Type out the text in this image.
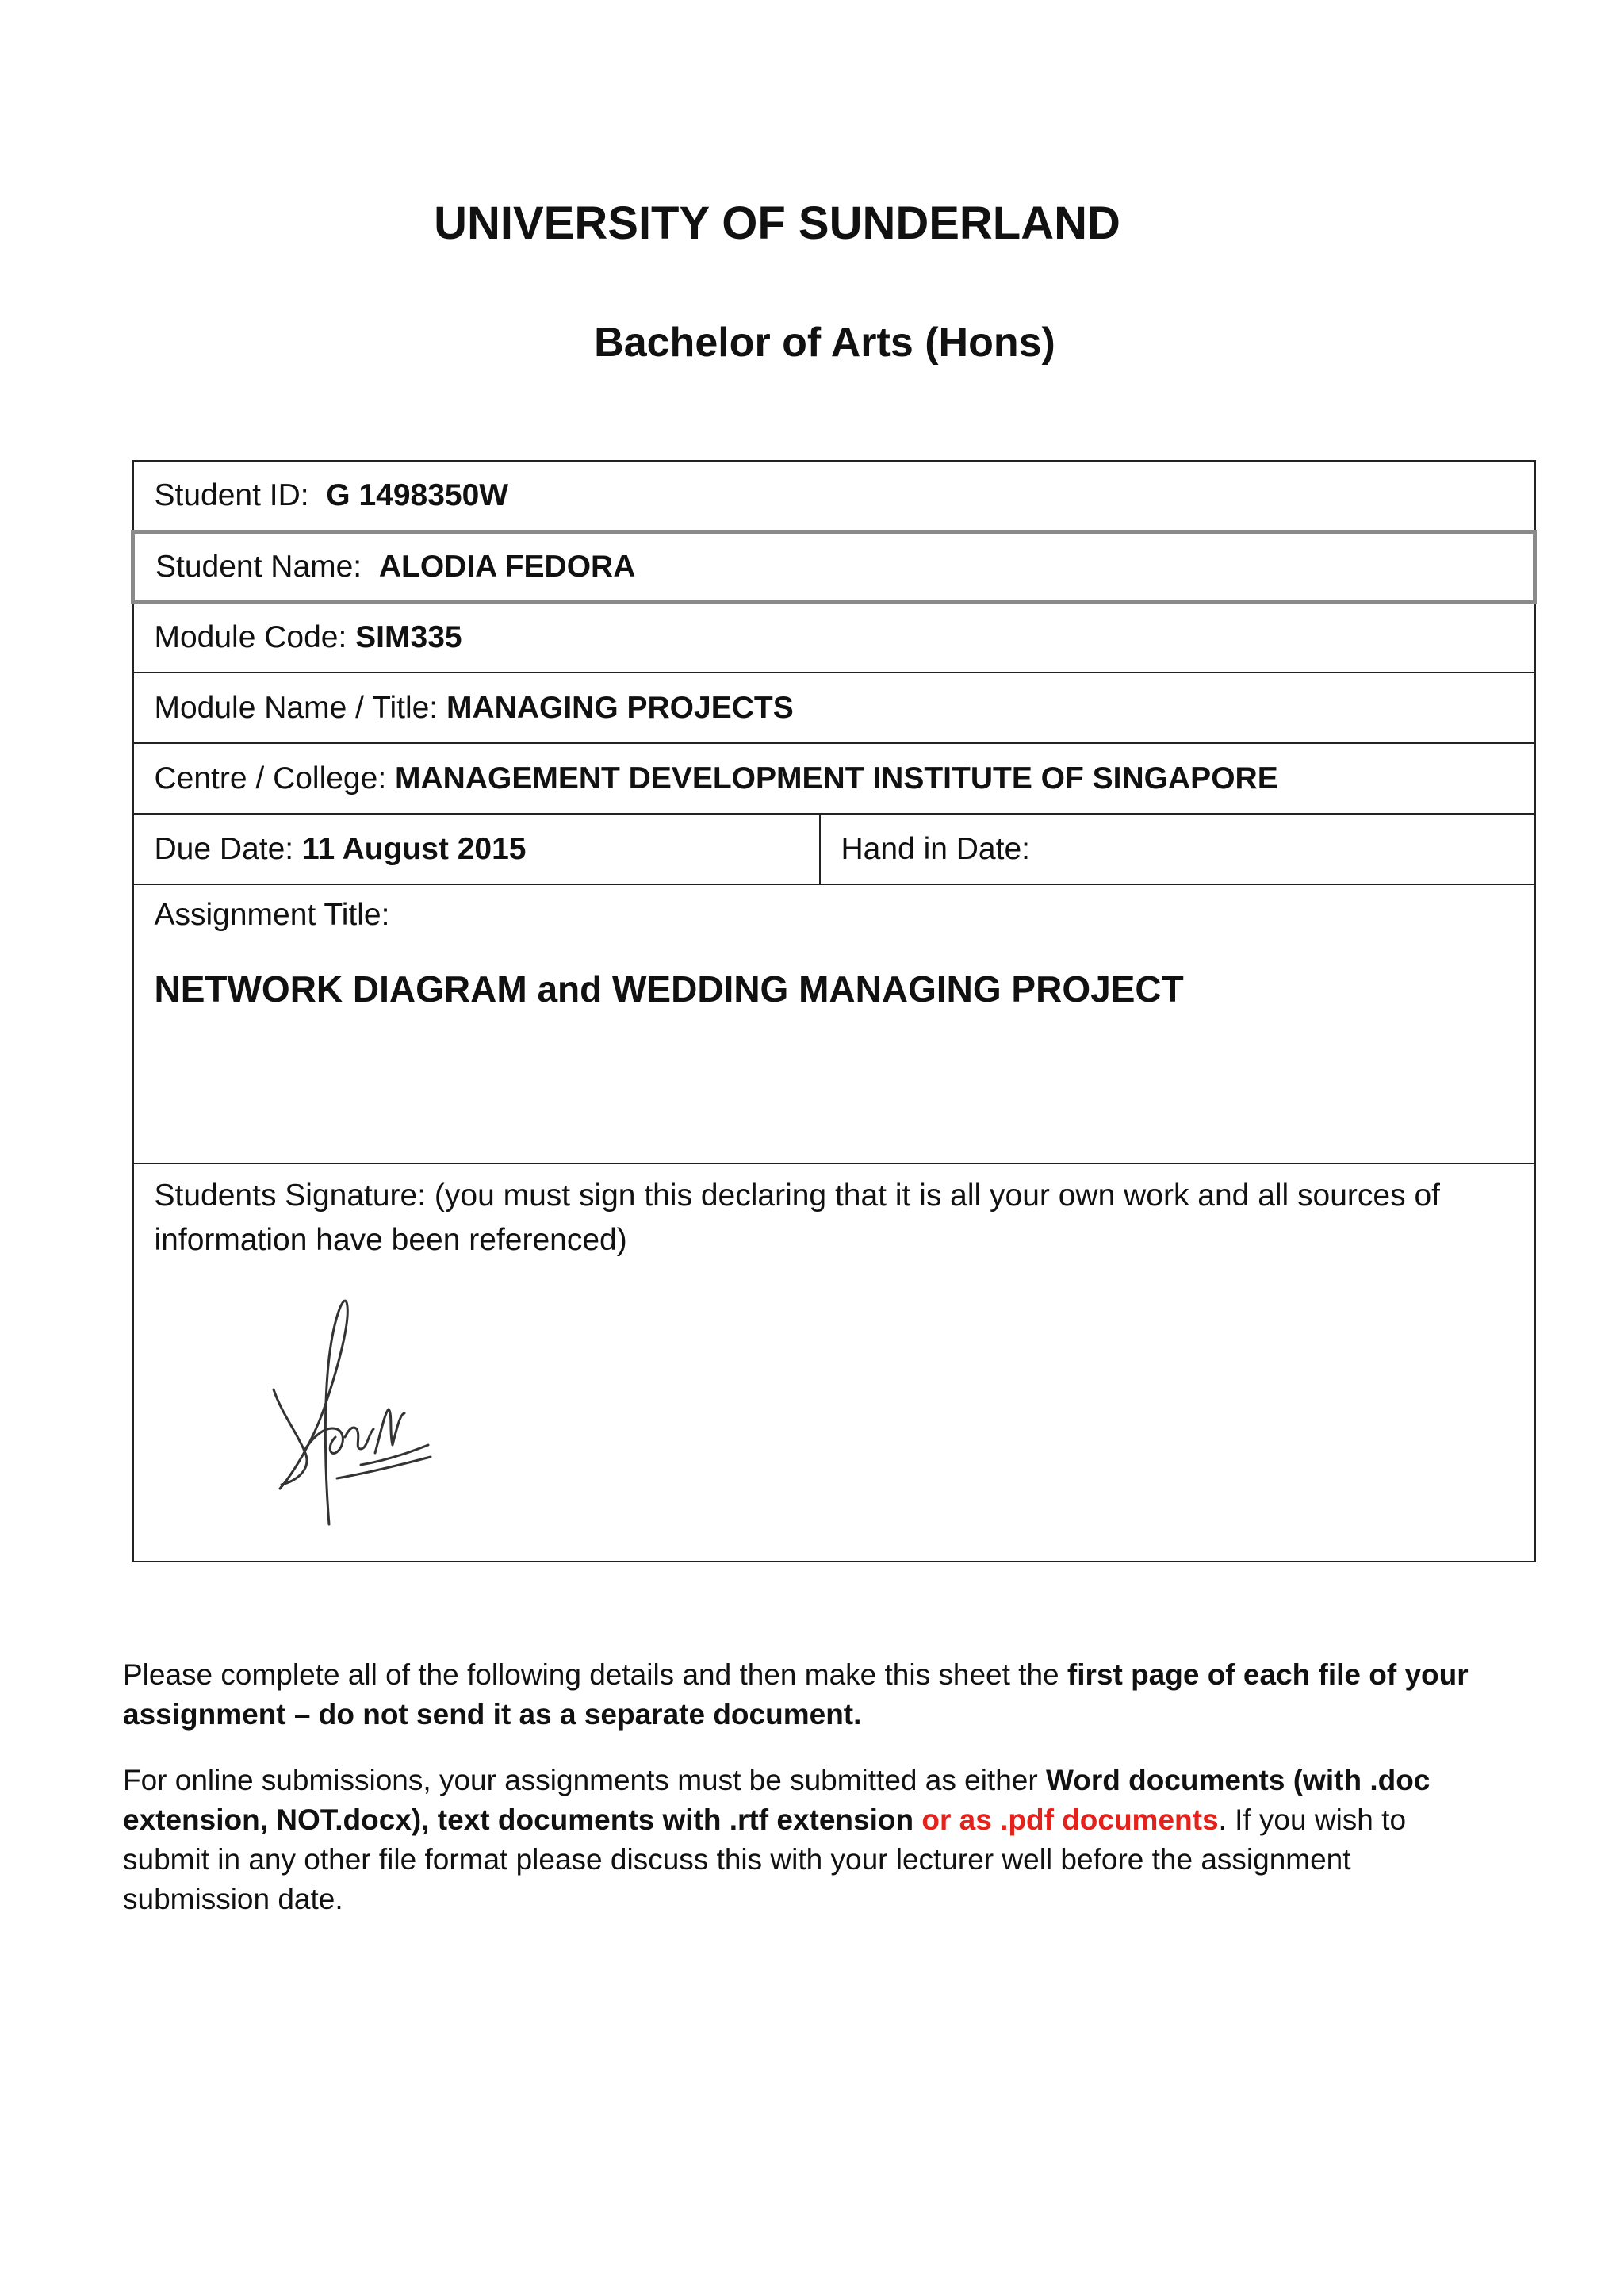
UNIVERSITY OF SUNDERLAND
Bachelor of Arts (Hons)
Student ID: G 1498350W
Student Name: ALODIA FEDORA
Module Code: SIM335
Module Name / Title: MANAGING PROJECTS
Centre / College: MANAGEMENT DEVELOPMENT INSTITUTE OF SINGAPORE
Due Date: 11 August 2015	Hand in Date:
Assignment Title:
NETWORK DIAGRAM and WEDDING MANAGING PROJECT

Students Signature: (you must sign this declaring that it is all your own work and all sources of information have been referenced)

Please complete all of the following details and then make this sheet the first page of each file of your assignment – do not send it as a separate document.

For online submissions, your assignments must be submitted as either Word documents (with .doc extension, NOT.docx), text documents with .rtf extension or as .pdf documents. If you wish to submit in any other file format please discuss this with your lecturer well before the assignment submission date.
